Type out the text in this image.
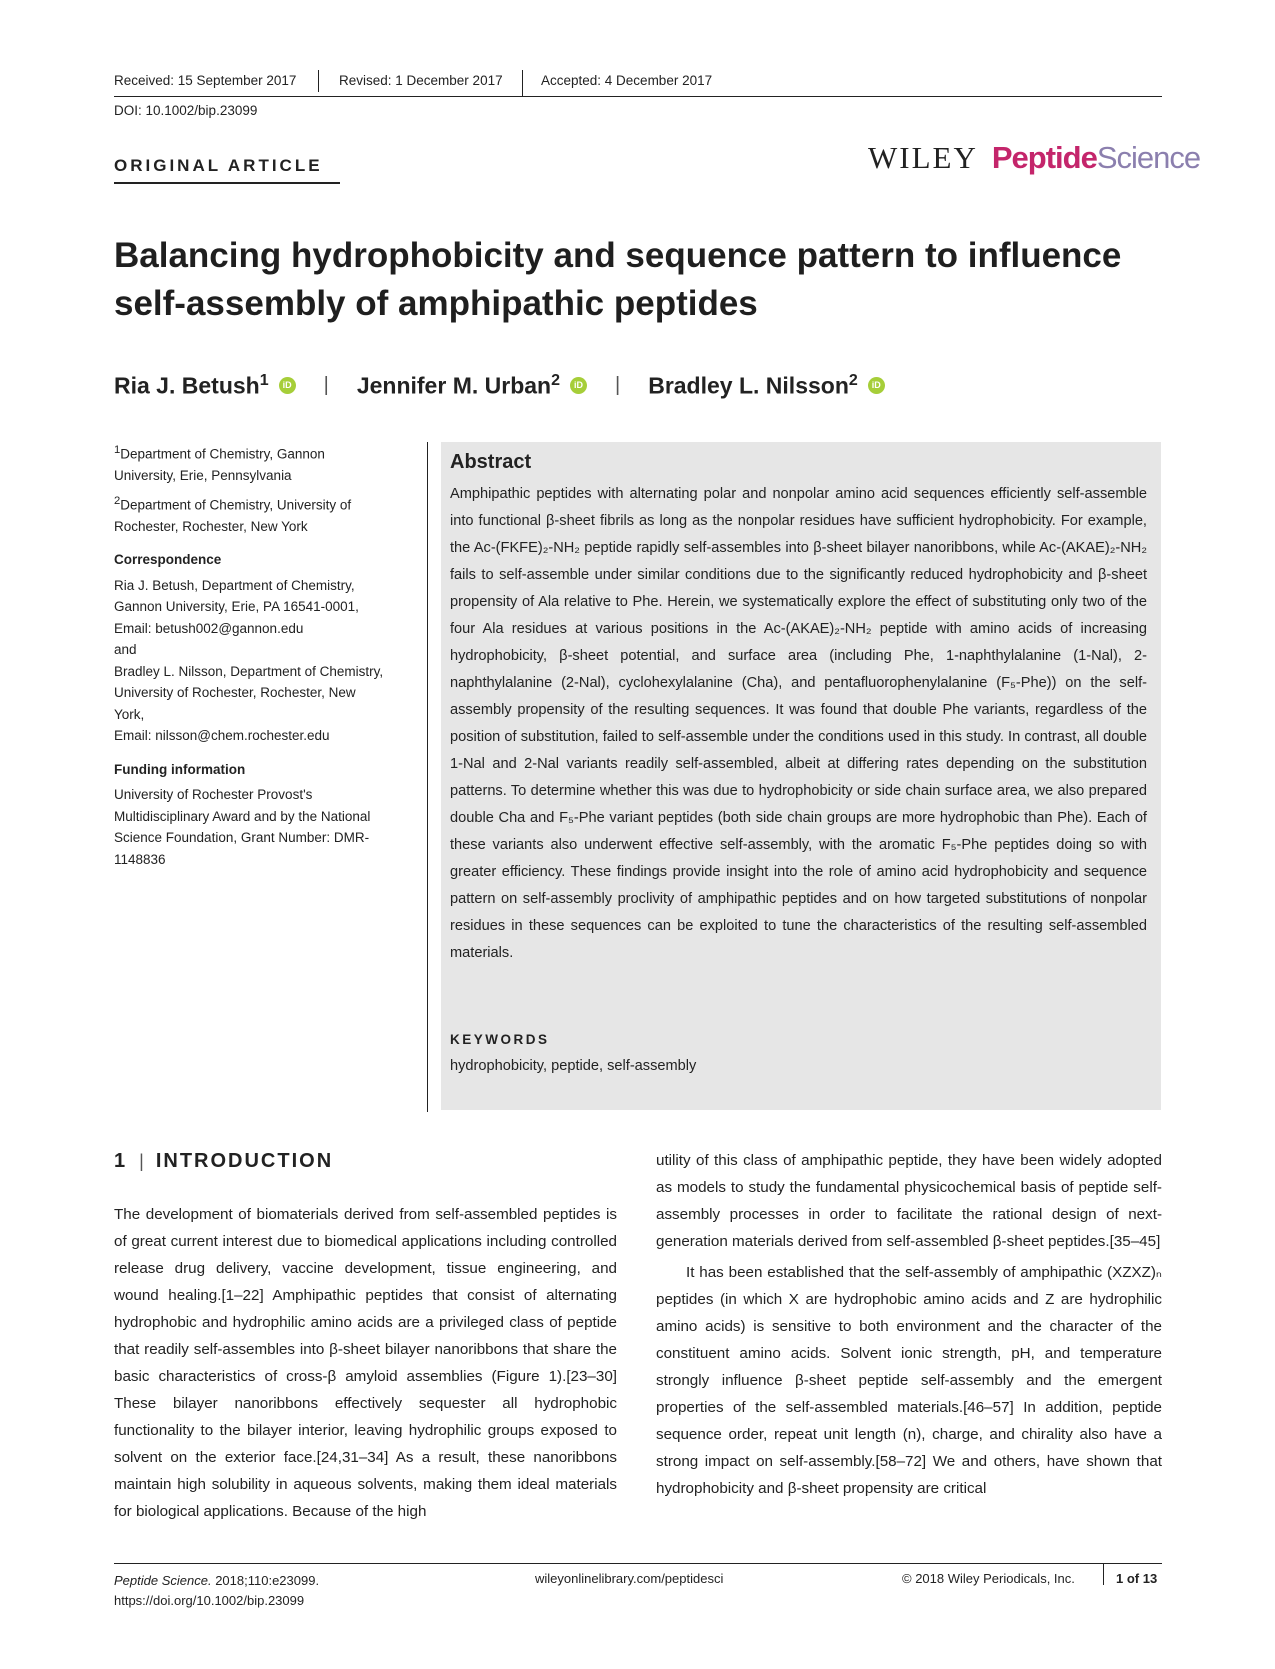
Received: 15 September 2017	Revised: 1 December 2017	Accepted: 4 December 2017
DOI: 10.1002/bip.23099
ORIGINAL ARTICLE	WILEY Peptide Science
Balancing hydrophobicity and sequence pattern to influence self-assembly of amphipathic peptides
Ria J. Betush$^1$	iD | Jennifer M. Urban$^2$	iD | Bradley L. Nilsson$^2$	iD

$^1$Department of Chemistry, Gannon University, Erie, Pennsylvania

$^2$Department of Chemistry, University of Rochester, Rochester, New York

Correspondence

Ria J. Betush, Department of Chemistry, Gannon University, Erie, PA 16541-0001,

Email: betush002@gannon.edu

and

Bradley L. Nilsson, Department of Chemistry, University of Rochester, Rochester, New York,

Email: nilsson@chem.rochester.edu

Funding information

University of Rochester Provost's Multidisciplinary Award and by the National Science Foundation, Grant Number: DMR-1148836

Abstract
Amphipathic peptides with alternating polar and nonpolar amino acid sequences efficiently self-assemble into functional β-sheet fibrils as long as the nonpolar residues have sufficient hydrophobicity. For example, the Ac-(FKFE)₂-NH₂ peptide rapidly self-assembles into β-sheet bilayer nanoribbons, while Ac-(AKAE)₂-NH₂ fails to self-assemble under similar conditions due to the significantly reduced hydrophobicity and β-sheet propensity of Ala relative to Phe. Herein, we systematically explore the effect of substituting only two of the four Ala residues at various positions in the Ac-(AKAE)₂-NH₂ peptide with amino acids of increasing hydrophobicity, β-sheet potential, and surface area (including Phe, 1-naphthylalanine (1-Nal), 2-naphthylalanine (2-Nal), cyclohexylalanine (Cha), and pentafluorophenylalanine (F₅-Phe)) on the self-assembly propensity of the resulting sequences. It was found that double Phe variants, regardless of the position of substitution, failed to self-assemble under the conditions used in this study. In contrast, all double 1-Nal and 2-Nal variants readily self-assembled, albeit at differing rates depending on the substitution patterns. To determine whether this was due to hydrophobicity or side chain surface area, we also prepared double Cha and F₅-Phe variant peptides (both side chain groups are more hydrophobic than Phe). Each of these variants also underwent effective self-assembly, with the aromatic F₅-Phe peptides doing so with greater efficiency. These findings provide insight into the role of amino acid hydrophobicity and sequence pattern on self-assembly proclivity of amphipathic peptides and on how targeted substitutions of nonpolar residues in these sequences can be exploited to tune the characteristics of the resulting self-assembled materials.
KEYWORDS
hydrophobicity, peptide, self-assembly
1 | INTRODUCTION

The development of biomaterials derived from self-assembled peptides is of great current interest due to biomedical applications including controlled release drug delivery, vaccine development, tissue engineering, and wound healing.[1–22] Amphipathic peptides that consist of alternating hydrophobic and hydrophilic amino acids are a privileged class of peptide that readily self-assembles into β-sheet bilayer nanoribbons that share the basic characteristics of cross-β amyloid assemblies (Figure 1).[23–30] These bilayer nanoribbons effectively sequester all hydrophobic functionality to the bilayer interior, leaving hydrophilic groups exposed to solvent on the exterior face.[24,31–34] As a result, these nanoribbons maintain high solubility in aqueous solvents, making them ideal materials for biological applications. Because of the high

utility of this class of amphipathic peptide, they have been widely adopted as models to study the fundamental physicochemical basis of peptide self-assembly processes in order to facilitate the rational design of next-generation materials derived from self-assembled β-sheet peptides.[35–45]

It has been established that the self-assembly of amphipathic (XZXZ)ₙ peptides (in which X are hydrophobic amino acids and Z are hydrophilic amino acids) is sensitive to both environment and the character of the constituent amino acids. Solvent ionic strength, pH, and temperature strongly influence β-sheet peptide self-assembly and the emergent properties of the self-assembled materials.[46–57] In addition, peptide sequence order, repeat unit length (n), charge, and chirality also have a strong impact on self-assembly.[58–72] We and others, have shown that hydrophobicity and β-sheet propensity are critical

Peptide Science. 2018;110:e23099.
https://doi.org/10.1002/bip.23099
wileyonlinelibrary.com/peptidesci	© 2018 Wiley Periodicals, Inc.	1 of 13
